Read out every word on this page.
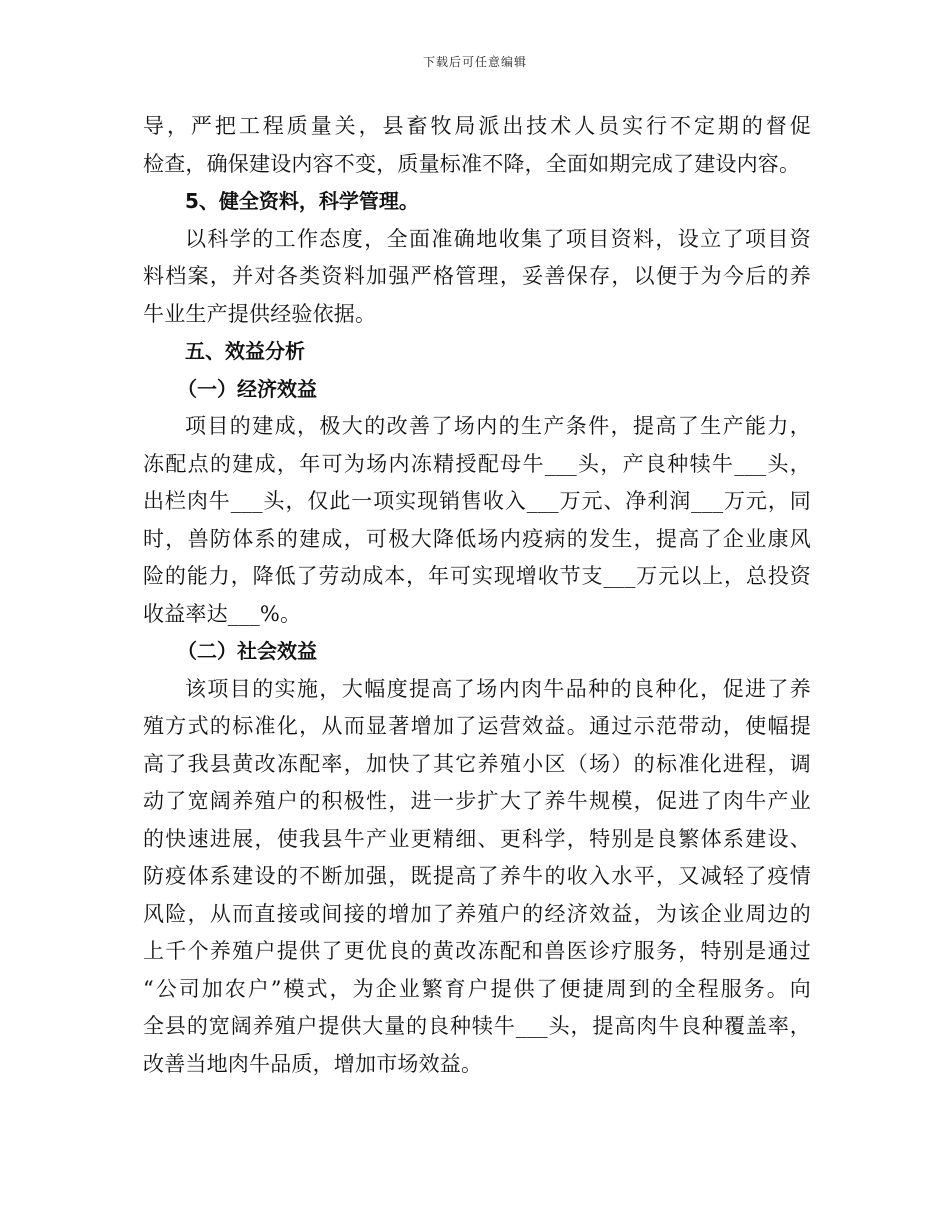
下载后可任意编辑
导，严把工程质量关，县畜牧局派出技术人员实行不定期的督促
检查，确保建设内容不变，质量标准不降，全面如期完成了建设内容。
5、健全资料，科学管理。
以科学的工作态度，全面准确地收集了项目资料，设立了项目资
料档案，并对各类资料加强严格管理，妥善保存，以便于为今后的养
牛业生产提供经验依据。
五、效益分析
（一）经济效益
项目的建成，极大的改善了场内的生产条件，提高了生产能力，
冻配点的建成，年可为场内冻精授配母牛___头，产良种犊牛___头，
出栏肉牛___头，仅此一项实现销售收入___万元、净利润___万元，同
时，兽防体系的建成，可极大降低场内疫病的发生，提高了企业康风
险的能力，降低了劳动成本，年可实现增收节支___万元以上，总投资
收益率达___%。
（二）社会效益
该项目的实施，大幅度提高了场内肉牛品种的良种化，促进了养
殖方式的标准化，从而显著增加了运营效益。通过示范带动，使幅提
高了我县黄改冻配率，加快了其它养殖小区（场）的标准化进程，调
动了宽阔养殖户的积极性，进一步扩大了养牛规模，促进了肉牛产业
的快速进展，使我县牛产业更精细、更科学，特别是良繁体系建设、
防疫体系建设的不断加强，既提高了养牛的收入水平，又减轻了疫情
风险，从而直接或间接的增加了养殖户的经济效益，为该企业周边的
上千个养殖户提供了更优良的黄改冻配和兽医诊疗服务，特别是通过
“公司加农户”模式，为企业繁育户提供了便捷周到的全程服务。向
全县的宽阔养殖户提供大量的良种犊牛___头，提高肉牛良种覆盖率，
改善当地肉牛品质，增加市场效益。
